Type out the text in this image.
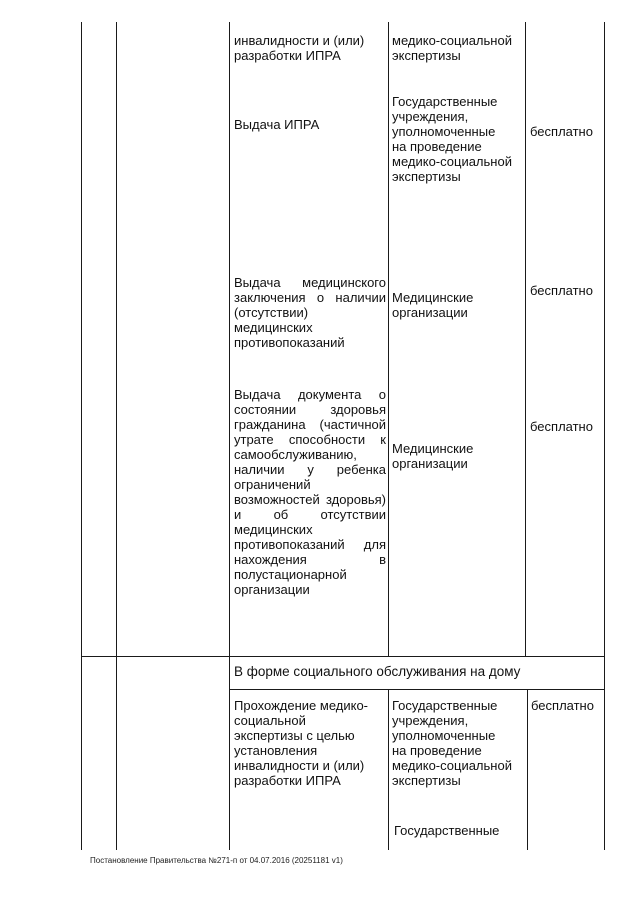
инвалидности и (или)
разработки ИПРА
медико-социальной
экспертизы
Выдача ИПРА
Государственные
учреждения,
уполномоченные
на проведение
медико-социальной
экспертизы
бесплатно
Выдача медицинского заключения о наличии (отсутствии) медицинских противопоказаний
Медицинские
организации
бесплатно
Выдача документа о состоянии здоровья гражданина (частичной утрате способности к самообслуживанию, наличии у ребенка ограничений возможностей здоровья) и об отсутствии медицинских противопоказаний для нахождения в полустационарной организации
Медицинские
организации
бесплатно
В форме социального обслуживания на дому
Прохождение медико-
социальной
экспертизы с целью
установления
инвалидности и (или)
разработки ИПРА
Государственные
учреждения,
уполномоченные
на проведение
медико-социальной
экспертизы
Государственные
бесплатно
Постановление Правительства №271-п от 04.07.2016 (20251181 v1)
